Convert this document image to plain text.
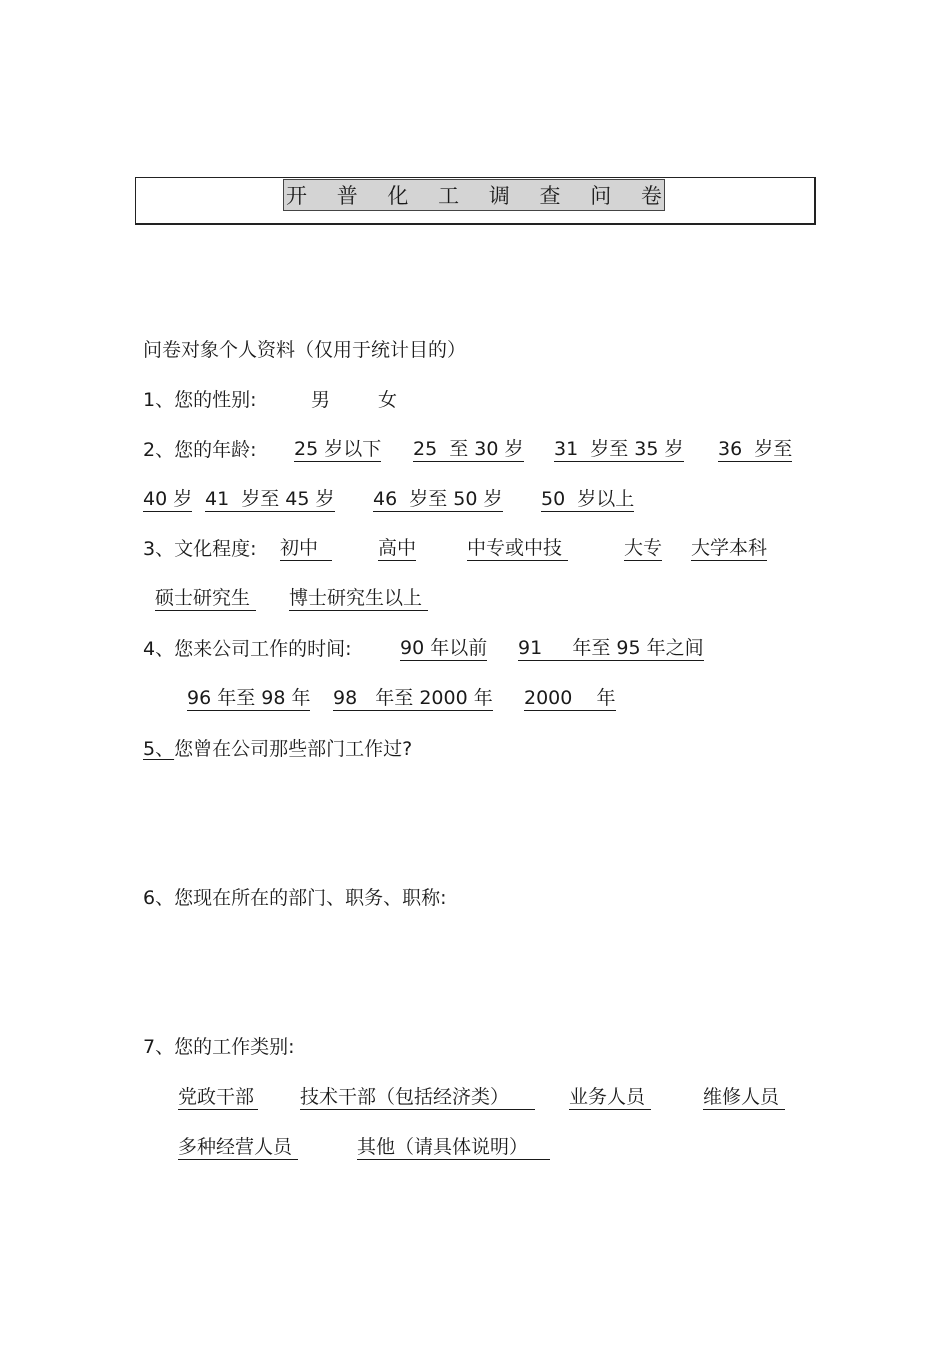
开 普 化 工 调 查 问 卷
问卷对象个人资料（仅用于统计目的）
1、您的性别:	男	女
2、您的年龄: 25 岁以下 25  至 30 岁 31  岁至 35 岁 36  岁至
40 岁 41  岁至 45 岁 46  岁至 50 岁 50  岁以上
3、文化程度: 初中	高中	中专或中技	大专 大学本科
硕士研究生	博士研究生以上
4、您来公司工作的时间:	90 年以前 91     年至 95 年之间
96 年至 98 年 98   年至 2000 年 2000    年
5、您曾在公司那些部门工作过?
6、您现在所在的部门、职务、职称:
7、您的工作类别:
党政干部 技术干部（包括经济类）	业务人员	维修人员
多种经营人员	其他（请具体说明）
